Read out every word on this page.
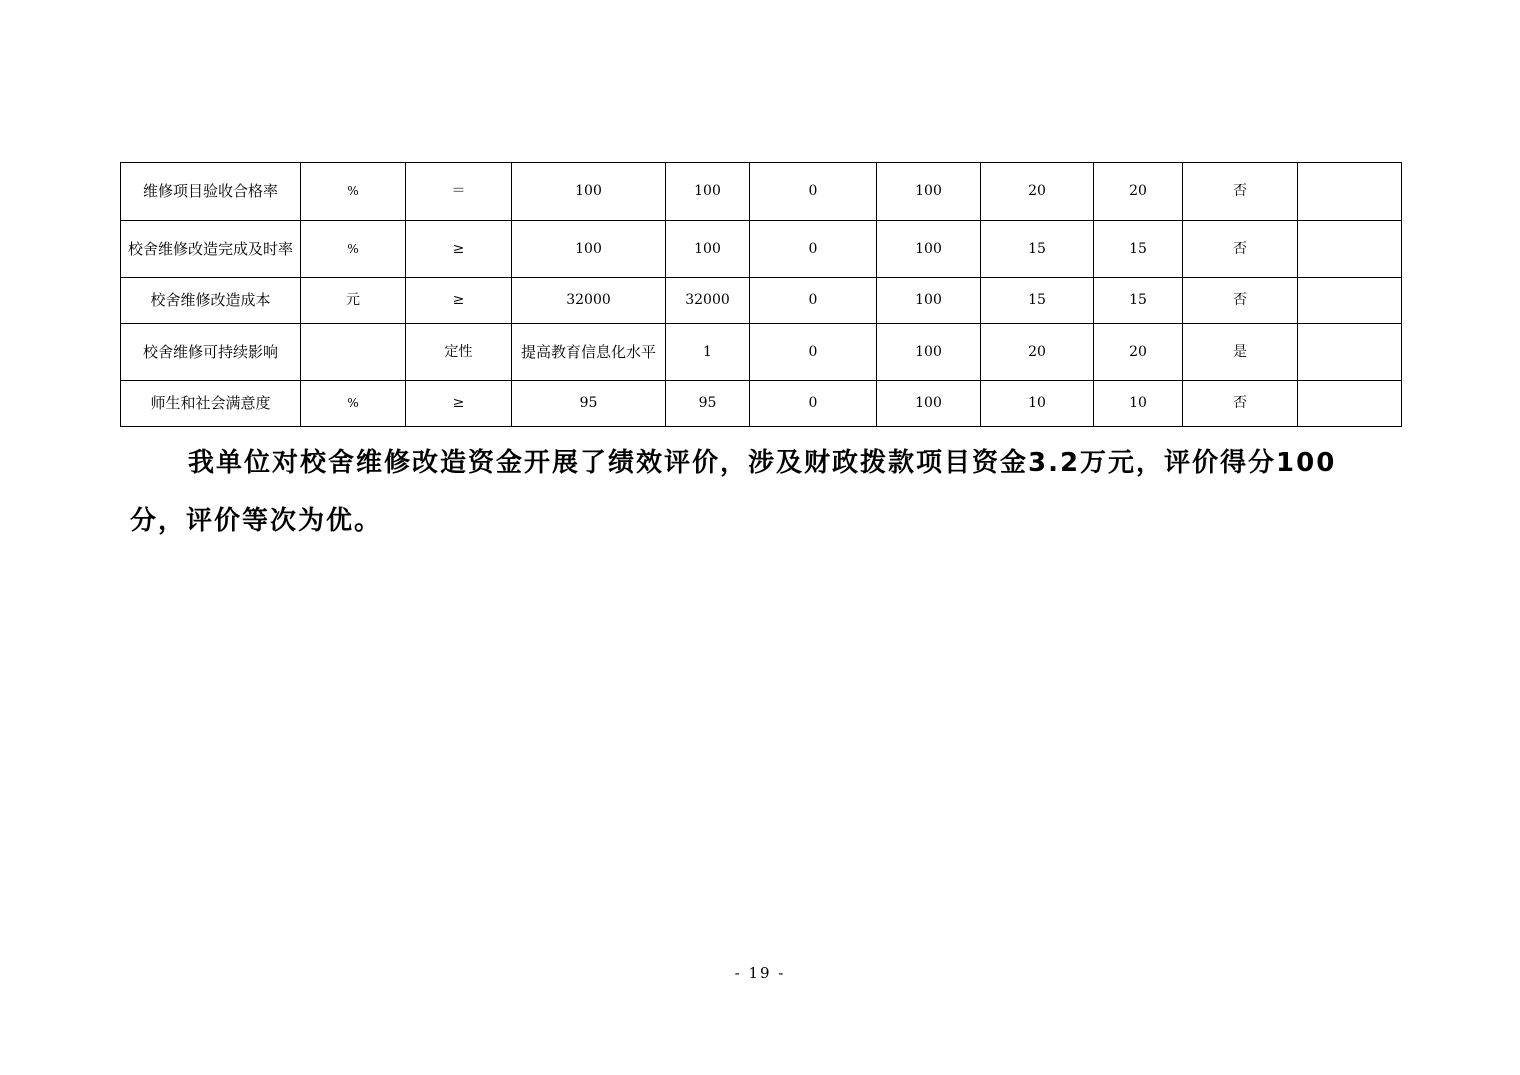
维修项目验收合格率	%	＝	100	100	0	100	20	20	否	
校舍维修改造完成及时率	%	≥	100	100	0	100	15	15	否	
校舍维修改造成本	元	≥	32000	32000	0	100	15	15	否	
校舍维修可持续影响		定性	提高教育信息化水平	1	0	100	20	20	是	
师生和社会满意度	%	≥	95	95	0	100	10	10	否	

我单位对校舍维修改造资金开展了绩效评价，涉及财政拨款项目资金3.2万元，评价得分100分，评价等次为优。

- 19 -
